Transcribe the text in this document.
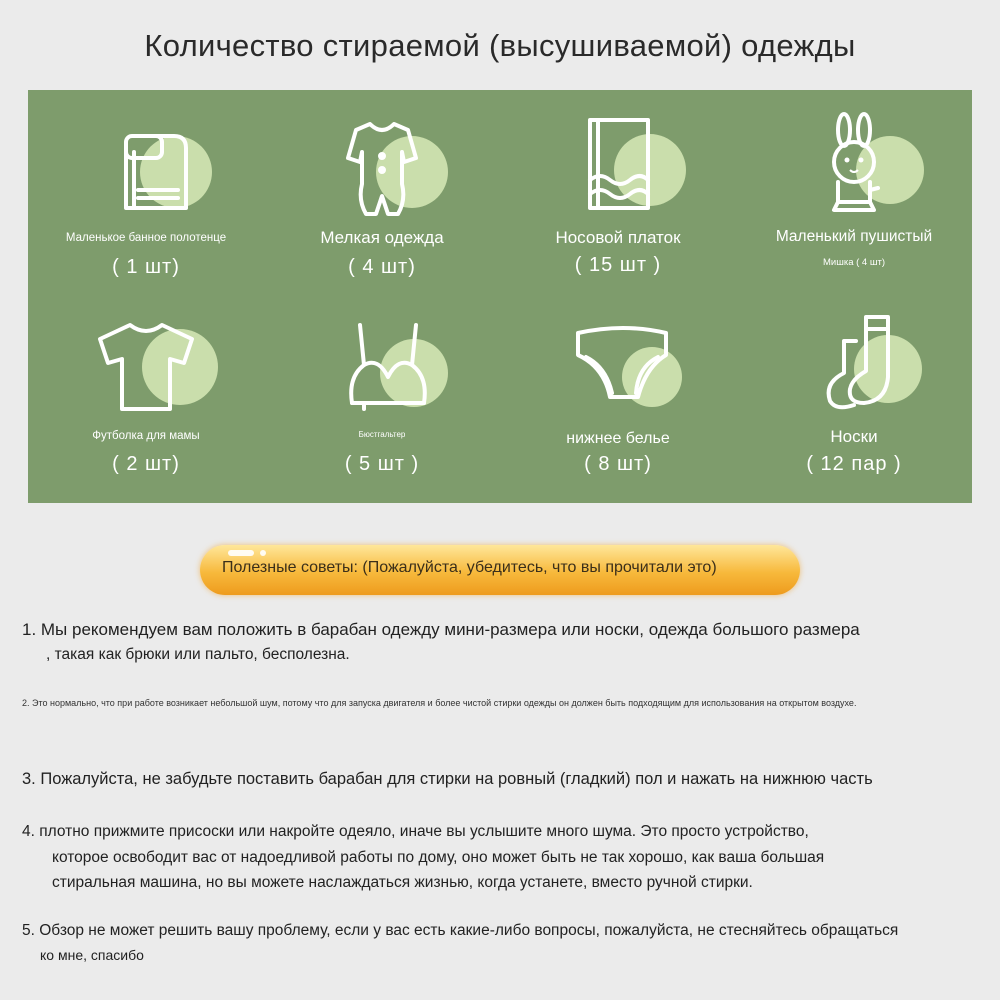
Количество стираемой (высушиваемой) одежды
Маленькое банное полотенце
( 1 шт)
Мелкая одежда
( 4 шт)
Носовой платок
( 15 шт )
Маленький пушистый
Мишка ( 4 шт)
Футболка для мамы
( 2 шт)
Бюстгальтер
( 5 шт )
нижнее белье
( 8 шт)
Носки
( 12 пар )
Полезные советы: (Пожалуйста, убедитесь, что вы прочитали это)
1. Мы рекомендуем вам положить в барабан одежду мини-размера или носки, одежда большого размера
, такая как брюки или пальто, бесполезна.
2. Это нормально, что при работе возникает небольшой шум, потому что для запуска двигателя и более чистой стирки одежды он должен быть подходящим для использования на открытом воздухе.
3. Пожалуйста, не забудьте поставить барабан для стирки на ровный (гладкий) пол и нажать на нижнюю часть
4. плотно прижмите присоски или накройте одеяло, иначе вы услышите много шума. Это просто устройство,
которое освободит вас от надоедливой работы по дому, оно может быть не так хорошо, как ваша большая
стиральная машина, но вы можете наслаждаться жизнью, когда устанете, вместо ручной стирки.
5. Обзор не может решить вашу проблему, если у вас есть какие-либо вопросы, пожалуйста, не стесняйтесь обращаться
ко мне, спасибо
